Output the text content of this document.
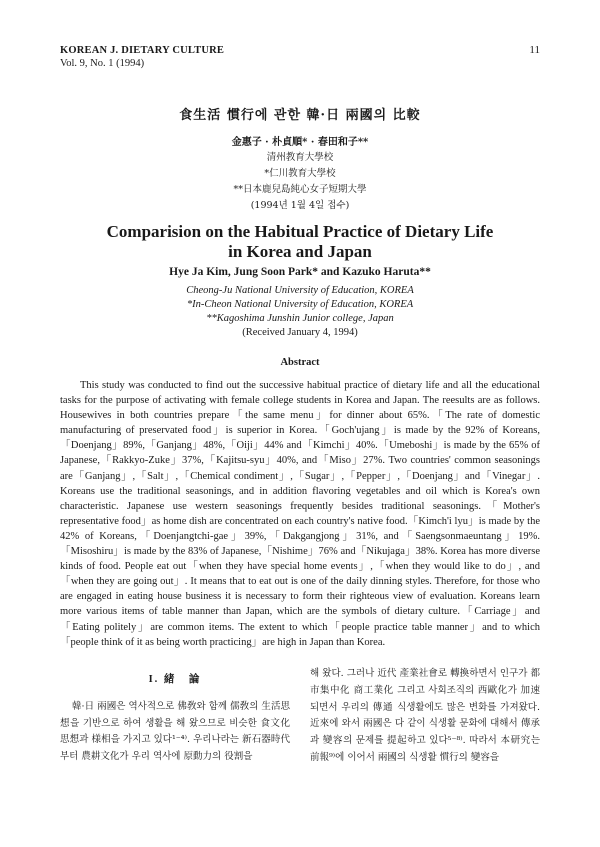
KOREAN J. DIETARY CULTURE
Vol. 9, No. 1 (1994)
11
食生活 慣行에 관한 韓·日 兩國의 比較
金惠子 · 朴貞順* · 春田和子**
清州教育大學校
*仁川教育大學校
**日本鹿兒島純心女子短期大學
(1994년 1월 4일 접수)
Comparision on the Habitual Practice of Dietary Life
in Korea and Japan
Hye Ja Kim, Jung Soon Park* and Kazuko Haruta**
Cheong-Ju National University of Education, KOREA
*In-Cheon National University of Education, KOREA
**Kagoshima Junshin Junior college, Japan
(Received January 4, 1994)
Abstract

This study was conducted to find out the successive habitual practice of dietary life and all the educational tasks for the purpose of activating with female college students in Korea and Japan. The reesults are as follows. Housewives in both countries prepare「the same menu」for dinner about 65%.「The rate of domestic manufacturing of preservated food」is superior in Korea.「Goch'ujang」is made by the 92% of Koreans,「Doenjang」89%,「Ganjang」48%,「Oiji」44% and「Kimchi」40%.「Umeboshi」is made by the 65% of Japanese,「Rakkyo-Zuke」37%,「Kajitsu-syu」40%, and「Miso」27%. Two countries' common seasonings are「Ganjang」,「Salt」,「Chemical condiment」,「Sugar」,「Pepper」,「Doenjang」and「Vinegar」. Koreans use the traditional seasonings, and in addition flavoring vegetables and oil which is Korea's own characteristic. Japanese use western seasonings frequently besides traditional seasonings.「Mother's representative food」as home dish are concentrated on each country's native food.「Kimch'i lyu」is made by the 42% of Koreans,「Doenjangtchi-gae」39%,「Dakgangjong」31%, and「Saengsonmaeuntang」19%.「Misoshiru」is made by the 83% of Japanese,「Nishime」76% and「Nikujaga」38%. Korea has more diverse kinds of food. People eat out「when they have special home events」,「when they would like to do」, and「when they are going out」. It means that to eat out is one of the daily dinning styles. Therefore, for those who are engaged in eating house business it is necessary to form their righteous view of evaluation. Koreans learn more various items of table manner than Japan, which are the symbols of dietary culture.「Carriage」and「Eating politely」are common items. The extent to which「people practice table manner」and to which「people think of it as being worth practicing」are high in Japan than Korea.

I. 緒　論

韓·日 兩國은 역사적으로 佛敎와 함께 儒敎의 生活思想을 기반으로 하여 생활을 해 왔으므로 비슷한 食文化 思想과 様相을 가지고 있다¹⁻⁴⁾. 우리나라는 新石器時代부터 農耕文化가 우리 역사에 原動力의 役割을

해 왔다. 그러나 近代 產業社會로 轉換하면서 인구가 都市集中化 商工業化 그리고 사회조직의 西歐化가 加速되면서 우리의 傳通 식생활에도 많은 변화를 가져왔다. 近來에 와서 兩國은 다 같이 식생활 문화에 대해서 傳承과 變容의 문제를 提起하고 있다⁵⁻⁸⁾. 따라서 本研究는 前報⁹⁾에 이어서 兩國의 식생활 慣行의 變容을
